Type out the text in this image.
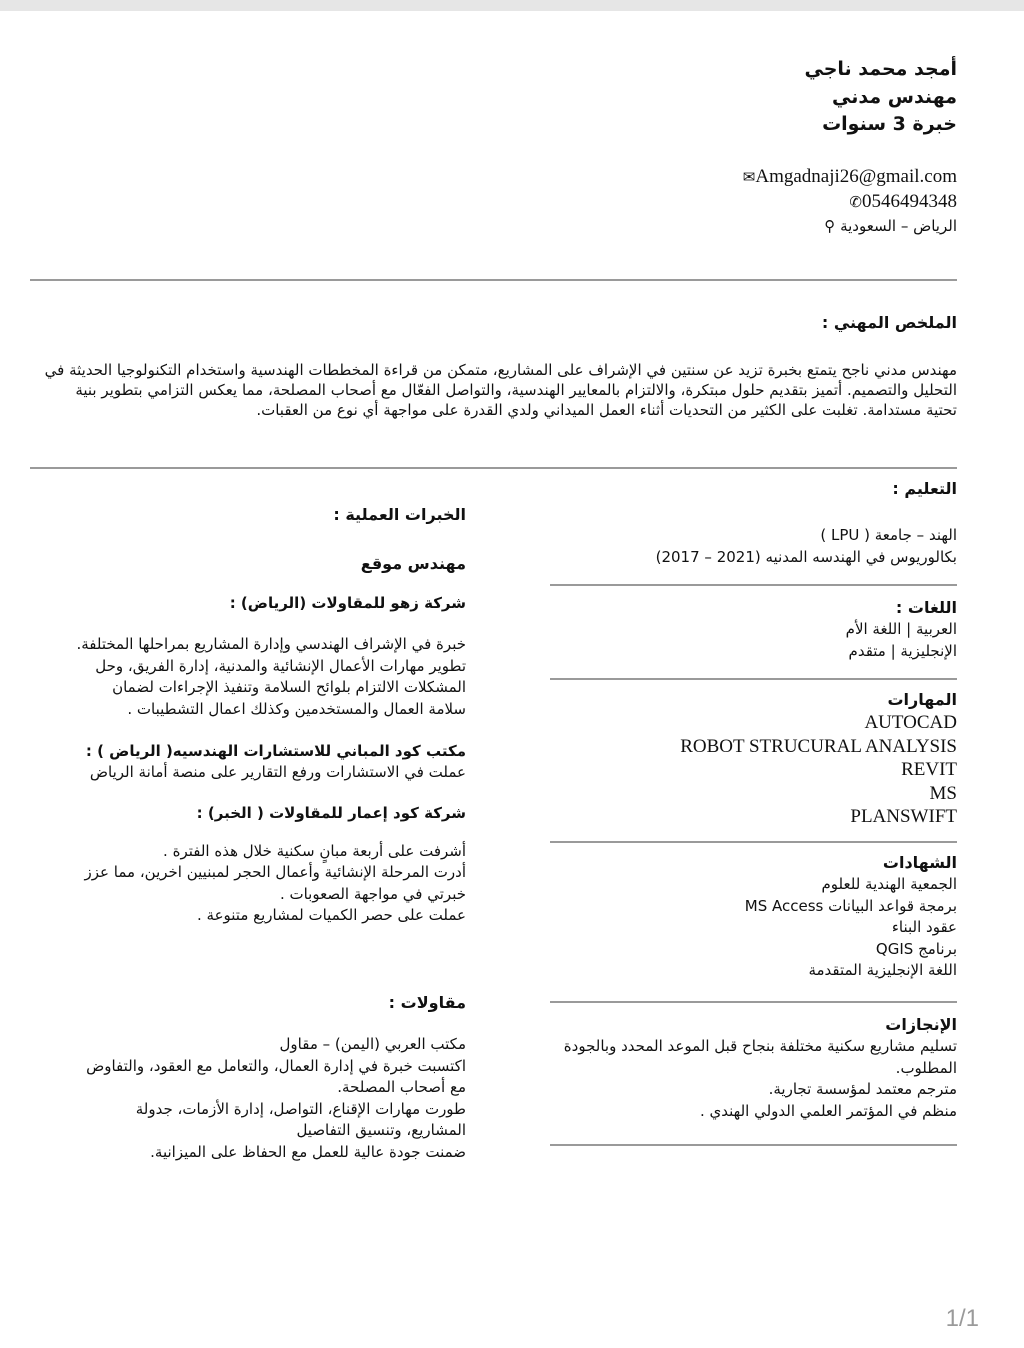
أمجد محمد ناجي
مهندس مدني
خبرة 3 سنوات
✉Amgadnaji26@gmail.com
✆0546494348
الرياض – السعودية ⚲
الملخص المهني :
مهندس مدني ناجح يتمتع بخبرة تزيد عن سنتين في الإشراف على المشاريع، متمكن من قراءة المخططات الهندسية واستخدام التكنولوجيا الحديثة في
التحليل والتصميم. أتميز بتقديم حلول مبتكرة، والالتزام بالمعايير الهندسية، والتواصل الفعّال مع أصحاب المصلحة، مما يعكس التزامي بتطوير بنية
تحتية مستدامة. تغلبت على الكثير من التحديات أثناء العمل الميداني ولدي القدرة على مواجهة أي نوع من العقبات.
التعليم :
الهند – جامعة ( LPU )
بكالوريوس في الهندسه المدنيه (2021 – 2017)
اللغات :
العربية | اللغة الأم
الإنجليزية | متقدم
المهارات
AUTOCAD
ROBOT STRUCURAL ANALYSIS
REVIT
MS
PLANSWIFT
الشهادات
الجمعية الهندية للعلوم
برمجة قواعد البيانات MS Access
عقود البناء
برنامج QGIS
اللغة الإنجليزية المتقدمة
الإنجازات
تسليم مشاريع سكنية مختلفة بنجاح قبل الموعد المحدد وبالجودة
المطلوب.
مترجم معتمد لمؤسسة تجارية.
منظم في المؤتمر العلمي الدولي الهندي .
الخبرات العملية :
مهندس موقع
شركة زهو للمقاولات (الرياض) :
خبرة في الإشراف الهندسي وإدارة المشاريع بمراحلها المختلفة.
تطوير مهارات الأعمال الإنشائية والمدنية، إدارة الفريق، وحل
المشكلات الالتزام بلوائح السلامة وتنفيذ الإجراءات لضمان
سلامة العمال والمستخدمين وكذلك اعمال التشطيبات .
مكتب كود المباني للاستشارات الهندسيه( الرياض ) :
عملت في الاستشارات ورفع التقارير على منصة أمانة الرياض
شركة كود إعمار للمقاولات ( الخبر) :
أشرفت على أربعة مبانٍ سكنية خلال هذه الفترة .
أدرت المرحلة الإنشائية وأعمال الحجر لمبنيين اخرين، مما عزز
خبرتي في مواجهة الصعوبات .
عملت على حصر الكميات لمشاريع متنوعة .
مقاولات :
مكتب العربي (اليمن) – مقاول
اكتسبت خبرة في إدارة العمال، والتعامل مع العقود، والتفاوض
مع أصحاب المصلحة.
طورت مهارات الإقناع، التواصل، إدارة الأزمات، جدولة
المشاريع، وتنسيق التفاصيل
ضمنت جودة عالية للعمل مع الحفاظ على الميزانية.
1/1
